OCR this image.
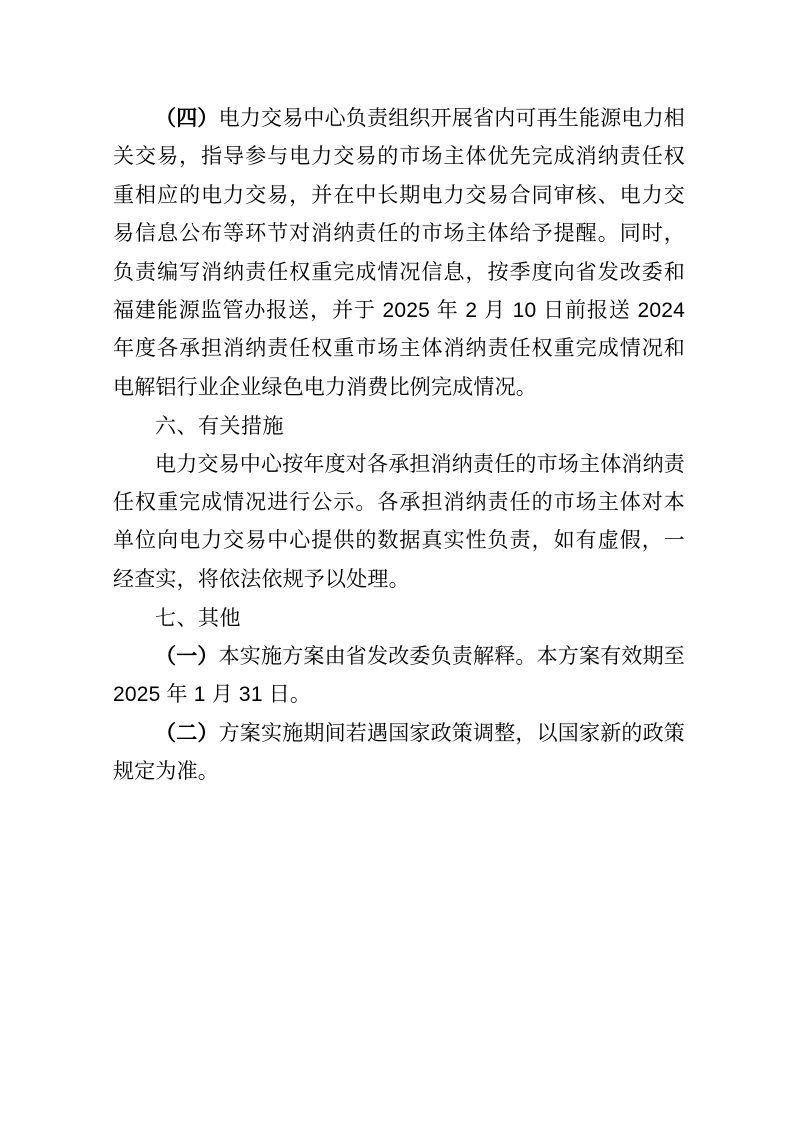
（四）电力交易中心负责组织开展省内可再生能源电力相关交易，指导参与电力交易的市场主体优先完成消纳责任权重相应的电力交易，并在中长期电力交易合同审核、电力交易信息公布等环节对消纳责任的市场主体给予提醒。同时，负责编写消纳责任权重完成情况信息，按季度向省发改委和福建能源监管办报送，并于 2025 年 2 月 10 日前报送 2024 年度各承担消纳责任权重市场主体消纳责任权重完成情况和电解铝行业企业绿色电力消费比例完成情况。
六、有关措施
电力交易中心按年度对各承担消纳责任的市场主体消纳责任权重完成情况进行公示。各承担消纳责任的市场主体对本单位向电力交易中心提供的数据真实性负责，如有虚假，一经查实，将依法依规予以处理。
七、其他
（一）本实施方案由省发改委负责解释。本方案有效期至 2025 年 1 月 31 日。
（二）方案实施期间若遇国家政策调整，以国家新的政策规定为准。
